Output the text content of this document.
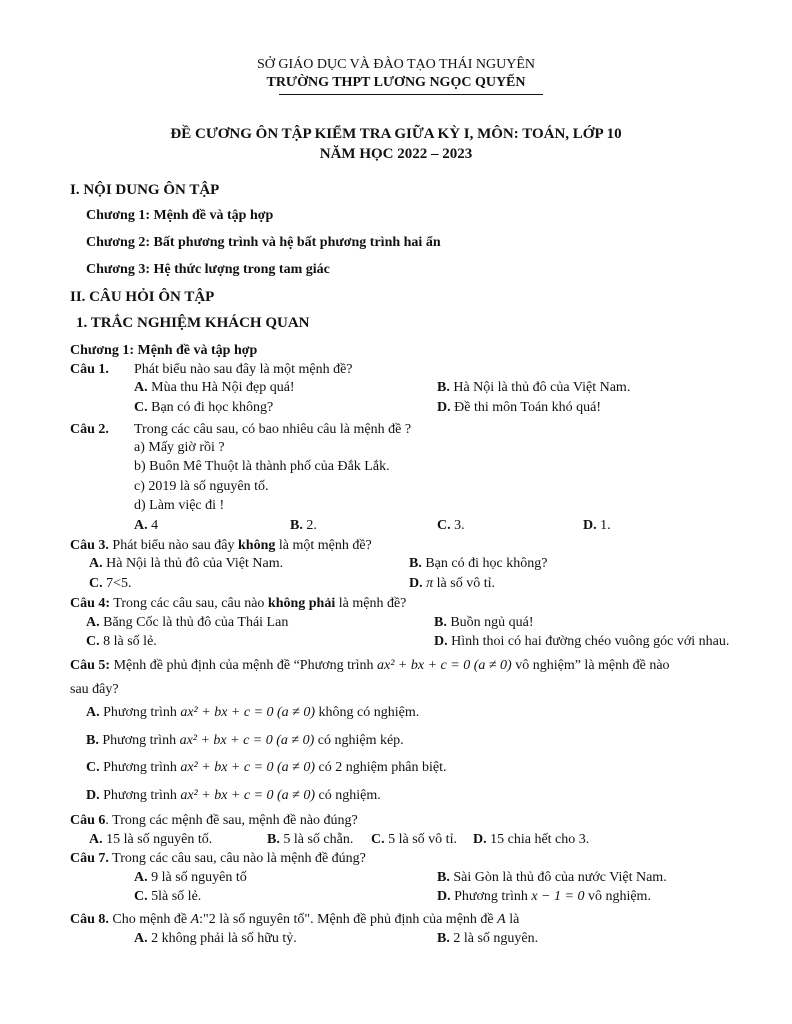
SỞ GIÁO DỤC VÀ ĐÀO TẠO THÁI NGUYÊN
TRƯỜNG THPT LƯƠNG NGỌC QUYẾN
ĐỀ CƯƠNG ÔN TẬP KIỂM TRA GIỮA KỲ I, MÔN: TOÁN, LỚP 10
NĂM HỌC 2022 – 2023
I. NỘI DUNG ÔN TẬP
Chương 1: Mệnh đề và tập hợp
Chương 2: Bất phương trình và hệ bất phương trình hai ẩn
Chương 3: Hệ thức lượng trong tam giác
II. CÂU HỎI ÔN TẬP
1. TRẮC NGHIỆM KHÁCH QUAN
Chương 1: Mệnh đề và tập hợp
Câu 1. Phát biểu nào sau đây là một mệnh đề?
A. Mùa thu Hà Nội đẹp quá!	B. Hà Nội là thủ đô của Việt Nam.
C. Bạn có đi học không?	D. Đề thi môn Toán khó quá!
Câu 2. Trong các câu sau, có bao nhiêu câu là mệnh đề ?
a) Mấy giờ rồi ?
b) Buôn Mê Thuột là thành phố của Đắk Lắk.
c) 2019 là số nguyên tố.
d) Làm việc đi !
A. 4	B. 2.	C. 3.	D. 1.
Câu 3. Phát biểu nào sau đây không là một mệnh đề?
A. Hà Nội là thủ đô của Việt Nam.	B. Bạn có đi học không?
C. 7<5.	D. π là số vô tỉ.
Câu 4: Trong các câu sau, câu nào không phải là mệnh đề?
A. Băng Cốc là thủ đô của Thái Lan	B. Buồn ngủ quá!
C. 8 là số lẻ.	D. Hình thoi có hai đường chéo vuông góc với nhau.
Câu 5: Mệnh đề phủ định của mệnh đề “Phương trình ax² + bx + c = 0 (a ≠ 0) vô nghiệm” là mệnh đề nào
sau đây?
A. Phương trình ax² + bx + c = 0 (a ≠ 0) không có nghiệm.
B. Phương trình ax² + bx + c = 0 (a ≠ 0) có nghiệm kép.
C. Phương trình ax² + bx + c = 0 (a ≠ 0) có 2 nghiệm phân biệt.
D. Phương trình ax² + bx + c = 0 (a ≠ 0) có nghiệm.
Câu 6. Trong các mệnh đề sau, mệnh đề nào đúng?
A. 15 là số nguyên tố.	B. 5 là số chẵn. C. 5 là số vô tỉ. D. 15 chia hết cho 3.
Câu 7. Trong các câu sau, câu nào là mệnh đề đúng?
A. 9 là số nguyên tố	B. Sài Gòn là thủ đô của nước Việt Nam.
C. 5là số lẻ.	D. Phương trình x − 1 = 0 vô nghiệm.
Câu 8. Cho mệnh đề A:"2 là số nguyên tố". Mệnh đề phủ định của mệnh đề A là
A. 2 không phải là số hữu tỷ.	B. 2 là số nguyên.
